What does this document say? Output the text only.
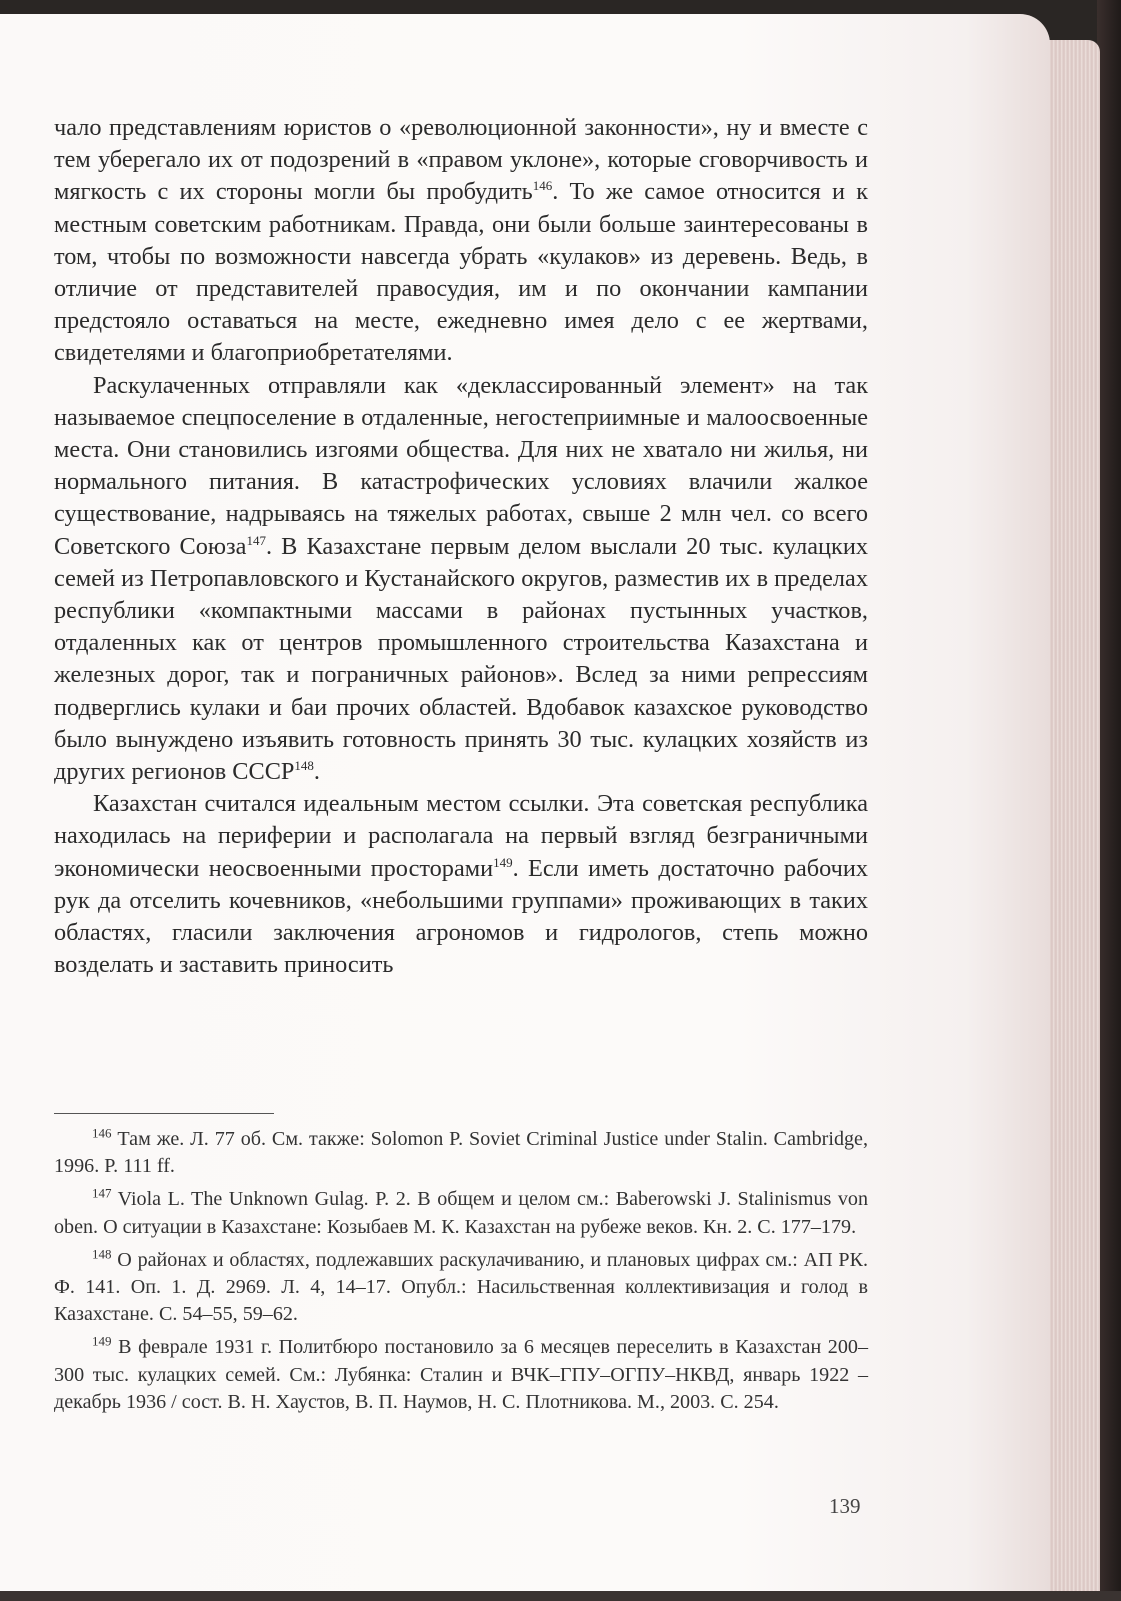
чало представлениям юристов о «революционной законности», ну и вместе с тем уберегало их от подозрений в «правом уклоне», которые сговорчивость и мягкость с их стороны могли бы пробудить$^{146}$. То же самое относится и к местным советским работникам. Правда, они были больше заинтересованы в том, чтобы по возможности навсегда убрать «кулаков» из деревень. Ведь, в отличие от представителей правосудия, им и по окончании кампании предстояло оставаться на месте, ежедневно имея дело с ее жертвами, свидетелями и благоприобретателями.

Раскулаченных отправляли как «деклассированный элемент» на так называемое спецпоселение в отдаленные, негостеприимные и малоосвоенные места. Они становились изгоями общества. Для них не хватало ни жилья, ни нормального питания. В катастрофических условиях влачили жалкое существование, надрываясь на тяжелых работах, свыше 2 млн чел. со всего Советского Союза$^{147}$. В Казахстане первым делом выслали 20 тыс. кулацких семей из Петропавловского и Кустанайского округов, разместив их в пределах республики «компактными массами в районах пустынных участков, отдаленных как от центров промышленного строительства Казахстана и железных дорог, так и пограничных районов». Вслед за ними репрессиям подверглись кулаки и баи прочих областей. Вдобавок казахское руководство было вынуждено изъявить готовность принять 30 тыс. кулацких хозяйств из других регионов СССР$^{148}$.

Казахстан считался идеальным местом ссылки. Эта советская республика находилась на периферии и располагала на первый взгляд безграничными экономически неосвоенными просторами$^{149}$. Если иметь достаточно рабочих рук да отселить кочевников, «небольшими группами» проживающих в таких областях, гласили заключения агрономов и гидрологов, степь можно возделать и заставить приносить

$^{146}$ Там же. Л. 77 об. См. также: Solomon P. Soviet Criminal Justice under Stalin. Cambridge, 1996. P. 111 ff.

$^{147}$ Viola L. The Unknown Gulag. P. 2. В общем и целом см.: Baberowski J. Stalinismus von oben. О ситуации в Казахстане: Козыбаев М. К. Казахстан на рубеже веков. Кн. 2. С. 177–179.

$^{148}$ О районах и областях, подлежавших раскулачиванию, и плановых цифрах см.: АП РК. Ф. 141. Оп. 1. Д. 2969. Л. 4, 14–17. Опубл.: Насильственная коллективизация и голод в Казахстане. С. 54–55, 59–62.

$^{149}$ В феврале 1931 г. Политбюро постановило за 6 месяцев переселить в Казахстан 200–300 тыс. кулацких семей. См.: Лубянка: Сталин и ВЧК–ГПУ–ОГПУ–НКВД, январь 1922 – декабрь 1936 / сост. В. Н. Хаустов, В. П. Наумов, Н. С. Плотникова. М., 2003. С. 254.

139
